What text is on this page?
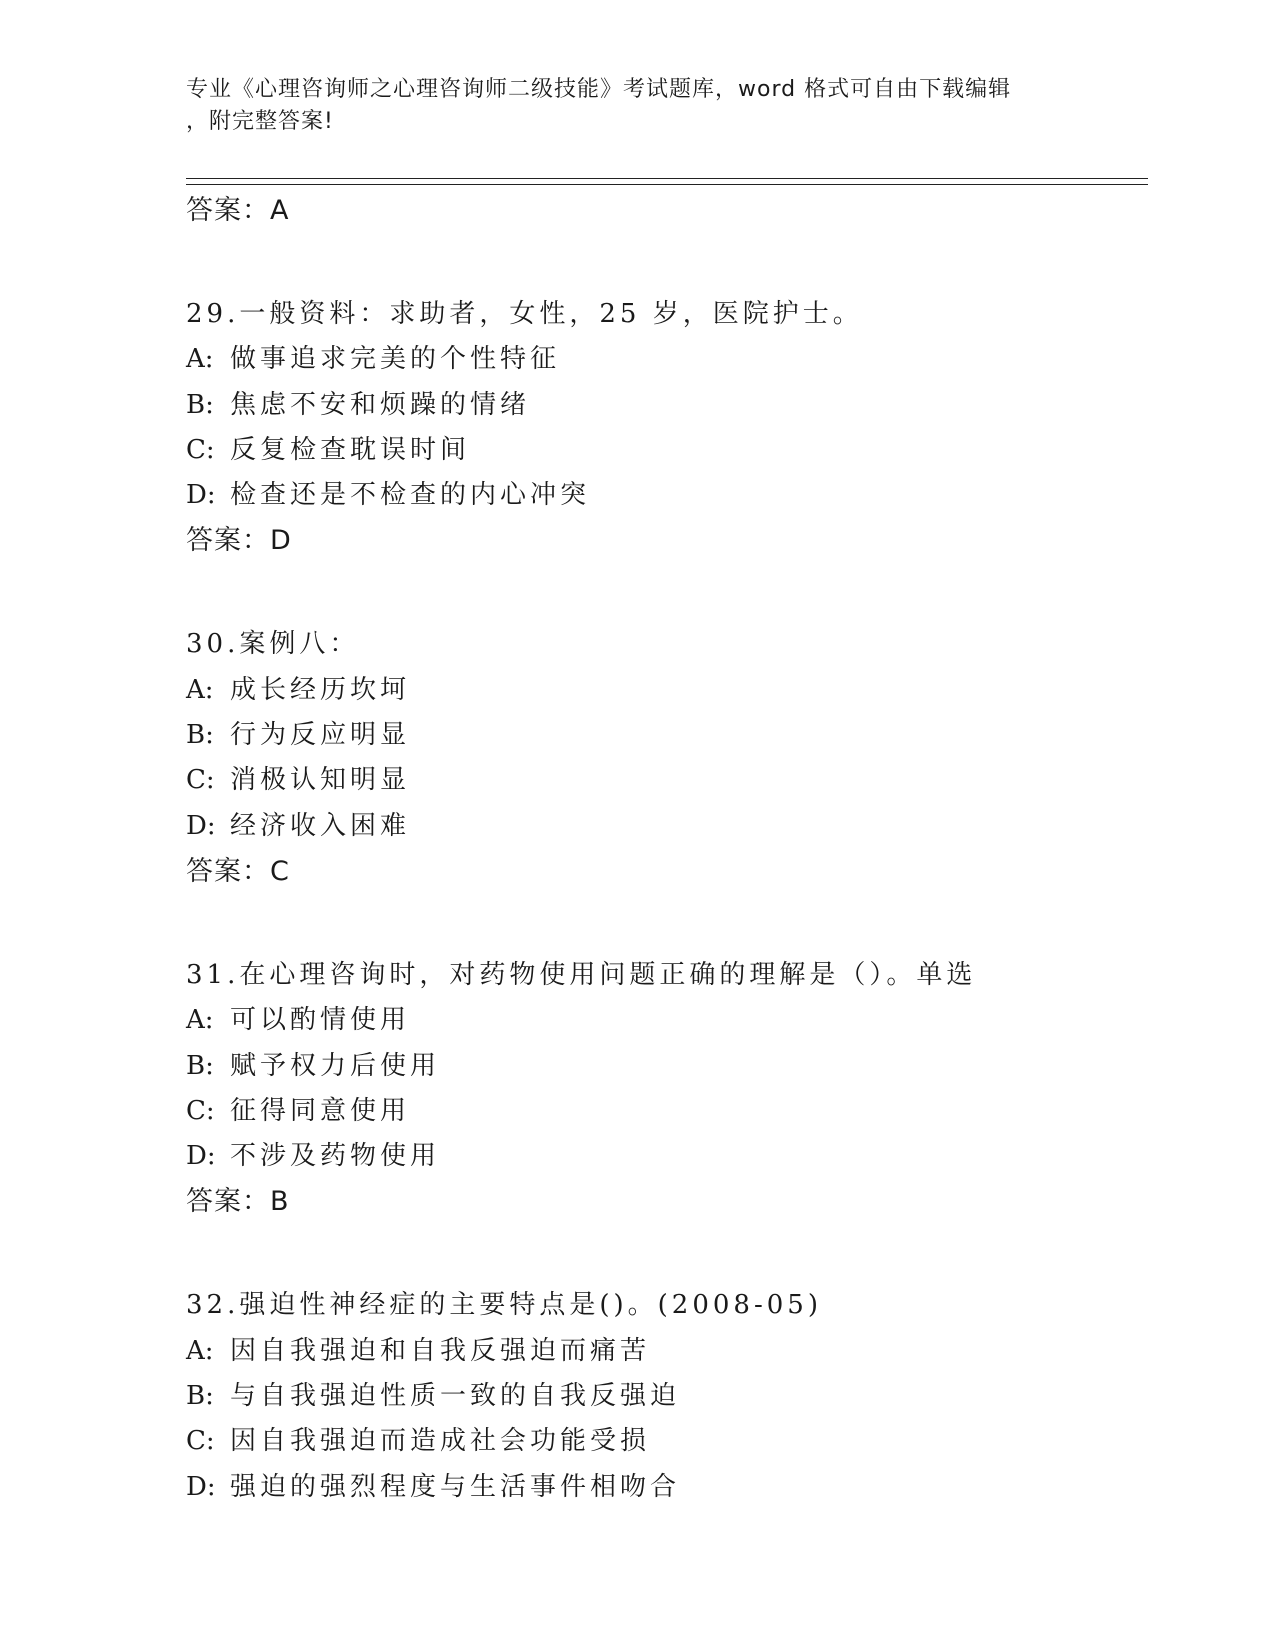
专业《心理咨询师之心理咨询师二级技能》考试题库，word 格式可自由下载编辑
，附完整答案!
答案：A
29.一般资料：求助者，女性，25 岁，医院护士。
A: 做事追求完美的个性特征
B: 焦虑不安和烦躁的情绪
C: 反复检查耽误时间
D: 检查还是不检查的内心冲突
答案：D
30.案例八：
A: 成长经历坎坷
B: 行为反应明显
C: 消极认知明显
D: 经济收入困难
答案：C
31.在心理咨询时，对药物使用问题正确的理解是（）。单选
A: 可以酌情使用
B: 赋予权力后使用
C: 征得同意使用
D: 不涉及药物使用
答案：B
32.强迫性神经症的主要特点是()。(2008-05)
A: 因自我强迫和自我反强迫而痛苦
B: 与自我强迫性质一致的自我反强迫
C: 因自我强迫而造成社会功能受损
D: 强迫的强烈程度与生活事件相吻合
